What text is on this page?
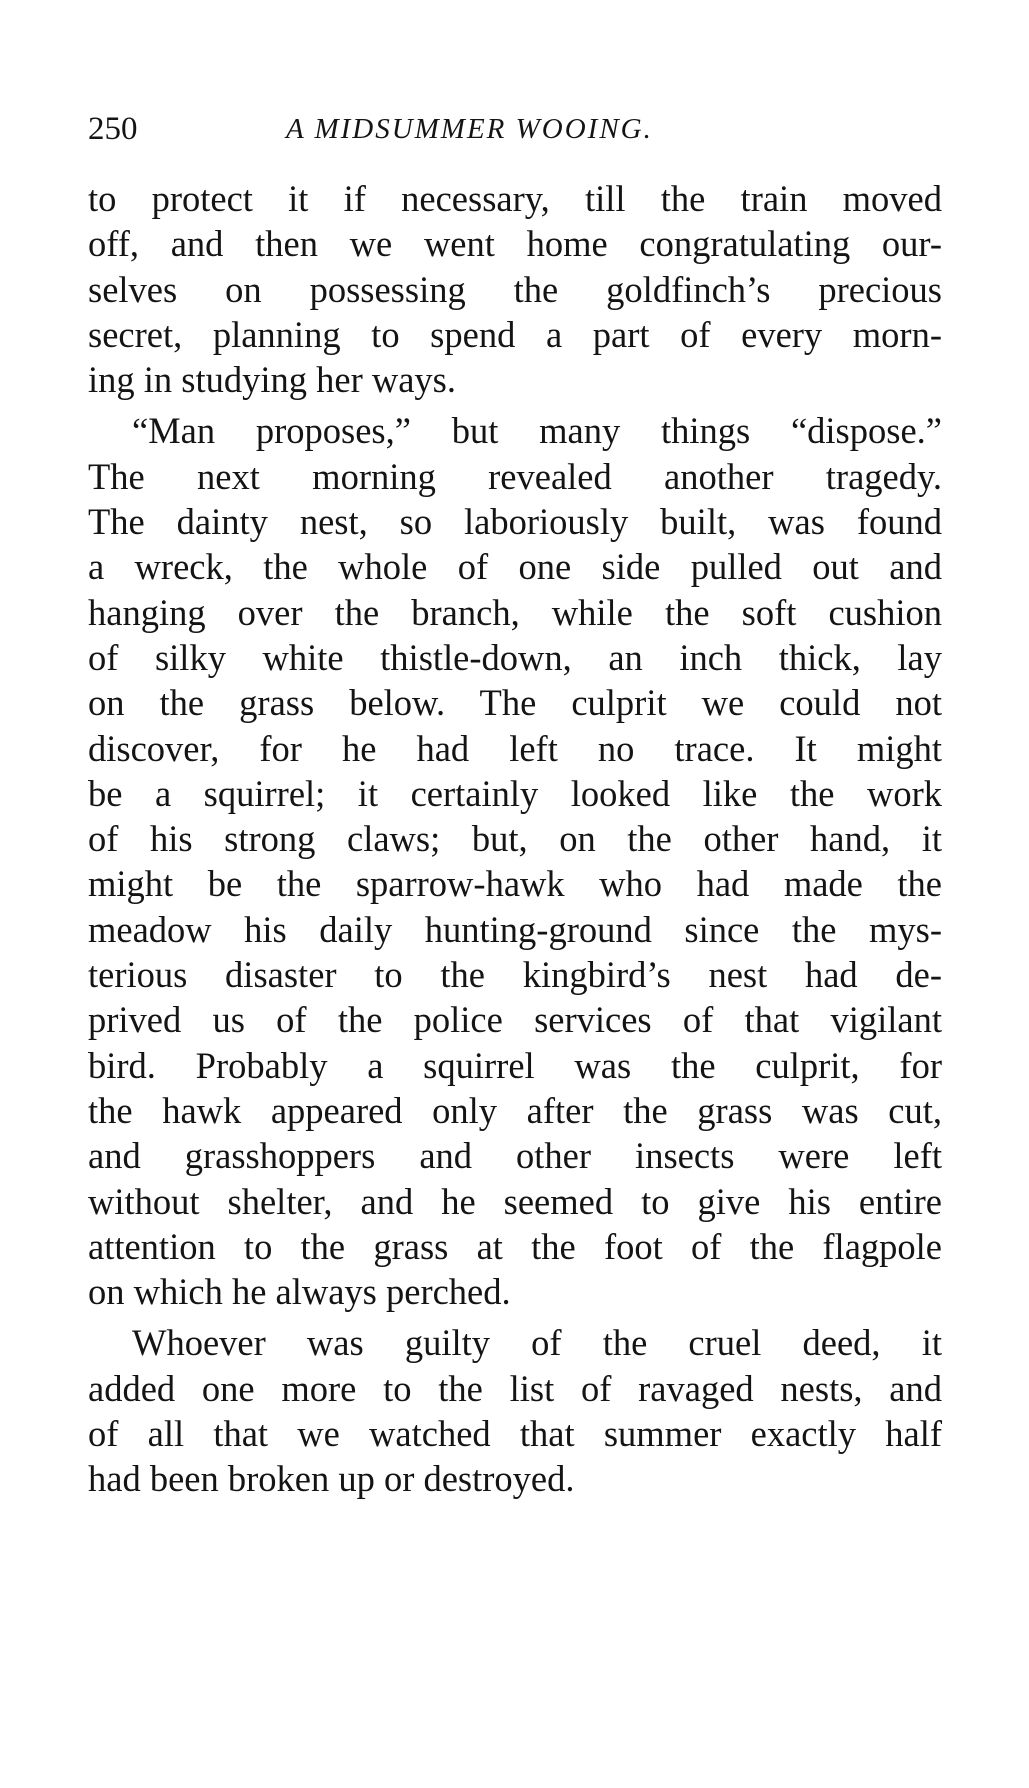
250	A MIDSUMMER WOOING.
to protect it if necessary, till the train moved
off, and then we went home congratulating our-
selves on possessing the goldfinch’s precious
secret, planning to spend a part of every morn-
ing in studying her ways.
“Man proposes,” but many things “dispose.”
The next morning revealed another tragedy.
The dainty nest, so laboriously built, was found
a wreck, the whole of one side pulled out and
hanging over the branch, while the soft cushion
of silky white thistle-down, an inch thick, lay
on the grass below. The culprit we could not
discover, for he had left no trace. It might
be a squirrel; it certainly looked like the work
of his strong claws; but, on the other hand, it
might be the sparrow-hawk who had made the
meadow his daily hunting-ground since the mys-
terious disaster to the kingbird’s nest had de-
prived us of the police services of that vigilant
bird. Probably a squirrel was the culprit, for
the hawk appeared only after the grass was cut,
and grasshoppers and other insects were left
without shelter, and he seemed to give his entire
attention to the grass at the foot of the flagpole
on which he always perched.
Whoever was guilty of the cruel deed, it
added one more to the list of ravaged nests, and
of all that we watched that summer exactly half
had been broken up or destroyed.
